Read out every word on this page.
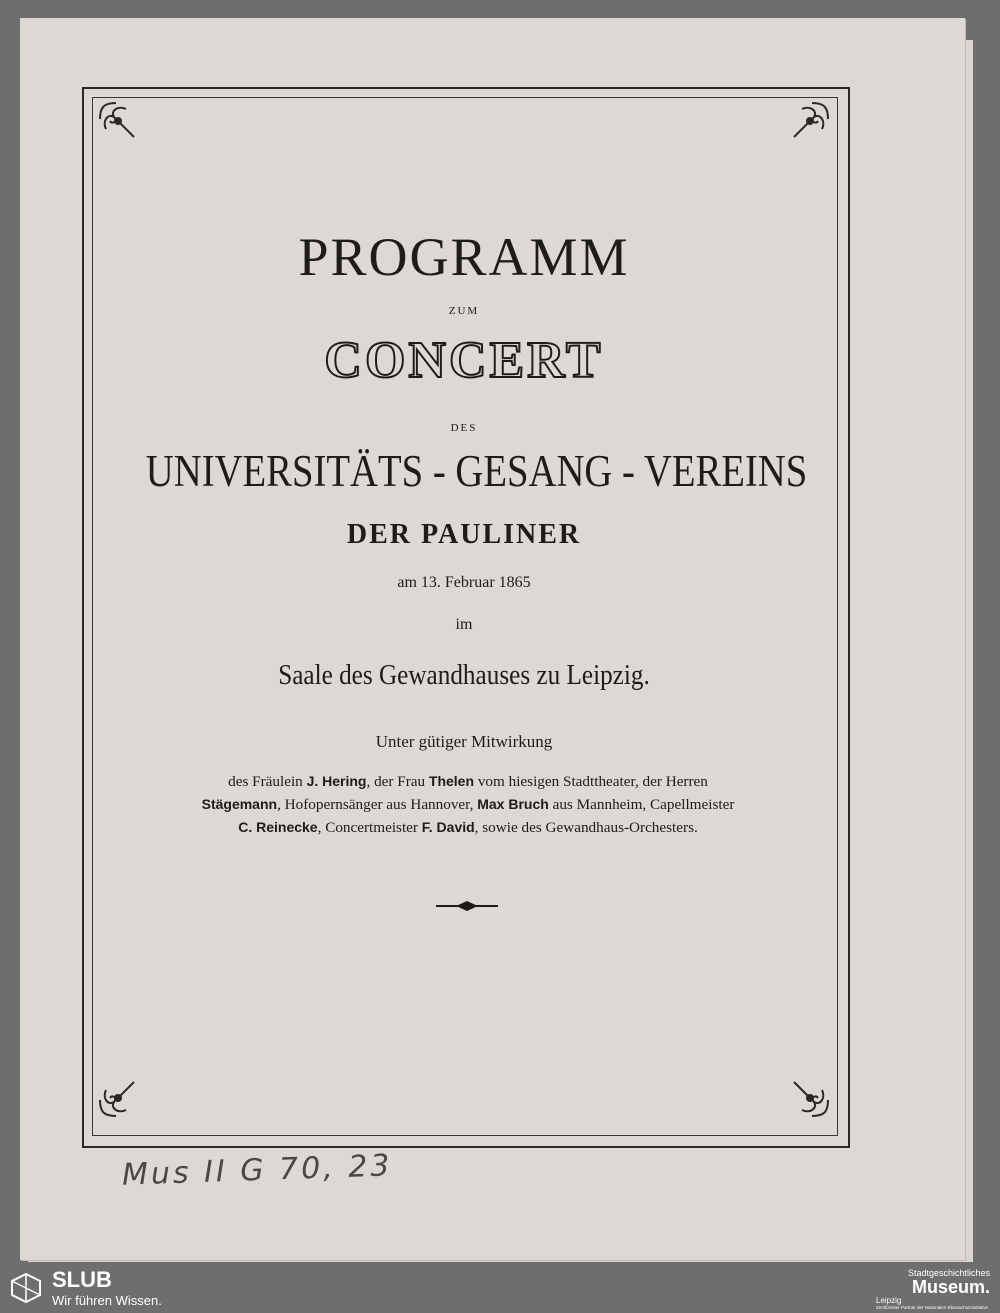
PROGRAMM
ZUM
CONCERT
DES
UNIVERSITÄTS - GESANG - VEREINS
DER PAULINER
am 13. Februar 1865
im
Saale des Gewandhauses zu Leipzig.
Unter gütiger Mitwirkung
des Fräulein J. Hering, der Frau Thelen vom hiesigen Stadttheater, der Herren
Stägemann, Hofopernsänger aus Hannover, Max Bruch aus Mannheim, Capellmeister
C. Reinecke, Concertmeister F. David, sowie des Gewandhaus-Orchesters.
Mus II G 70, 23
SLUB
Wir führen Wissen.
Stadtgeschichtliches
Museum.
Leipzig
Zertifizierter Partner der Nationalen Klimaschutzinitiative
